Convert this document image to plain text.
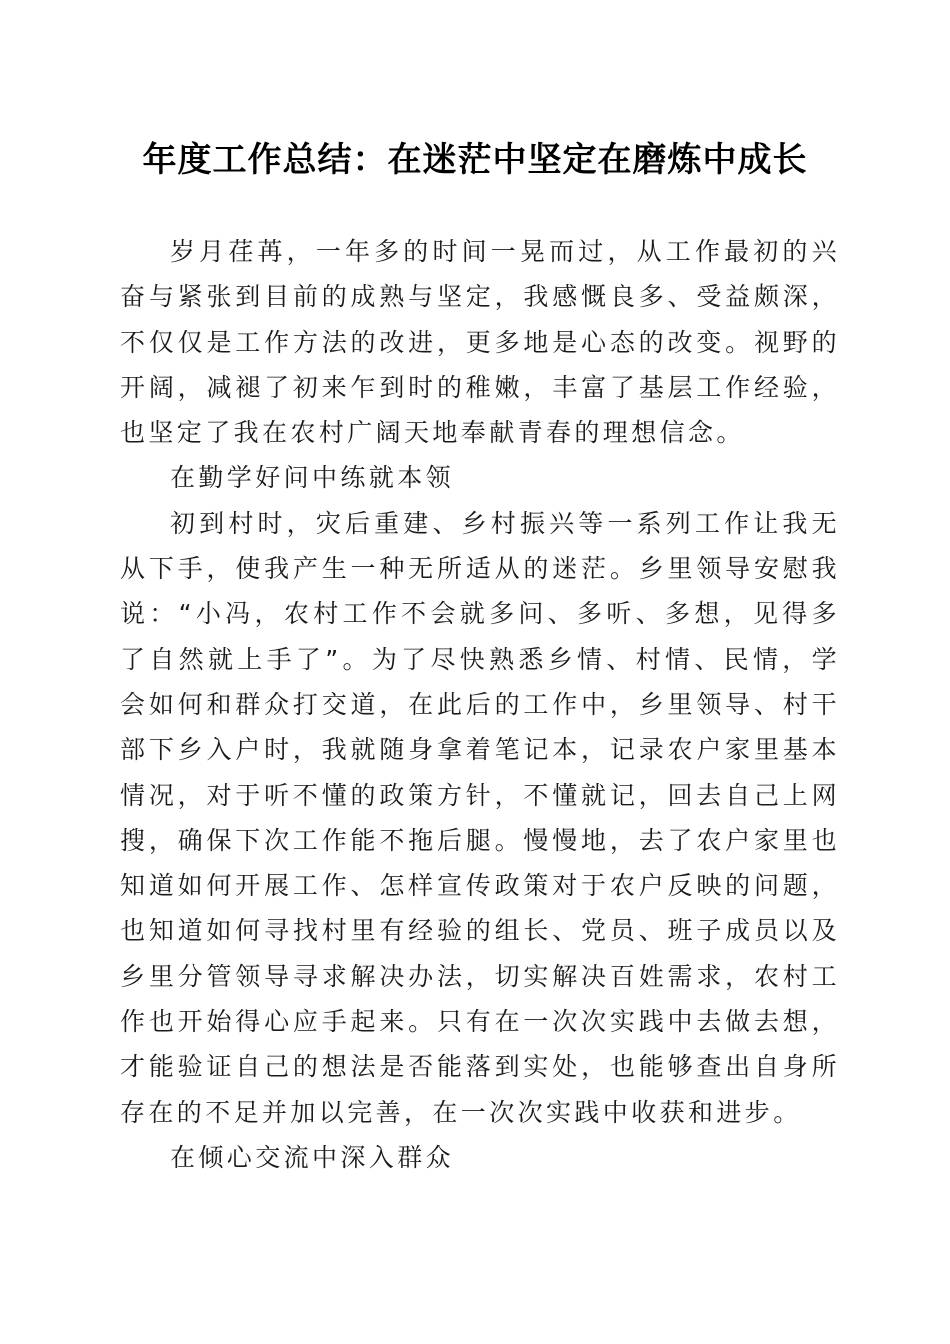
年度工作总结：在迷茫中坚定在磨炼中成长

岁月荏苒，一年多的时间一晃而过，从工作最初的兴奋与紧张到目前的成熟与坚定，我感慨良多、受益颇深，不仅仅是工作方法的改进，更多地是心态的改变。视野的开阔，减褪了初来乍到时的稚嫩，丰富了基层工作经验，也坚定了我在农村广阔天地奉献青春的理想信念。

在勤学好问中练就本领

初到村时，灾后重建、乡村振兴等一系列工作让我无从下手，使我产生一种无所适从的迷茫。乡里领导安慰我说：“小冯，农村工作不会就多问、多听、多想，见得多了自然就上手了”。为了尽快熟悉乡情、村情、民情，学会如何和群众打交道，在此后的工作中，乡里领导、村干部下乡入户时，我就随身拿着笔记本，记录农户家里基本情况，对于听不懂的政策方针，不懂就记，回去自己上网搜，确保下次工作能不拖后腿。慢慢地，去了农户家里也知道如何开展工作、怎样宣传政策对于农户反映的问题，也知道如何寻找村里有经验的组长、党员、班子成员以及乡里分管领导寻求解决办法，切实解决百姓需求，农村工作也开始得心应手起来。只有在一次次实践中去做去想，才能验证自己的想法是否能落到实处，也能够查出自身所存在的不足并加以完善，在一次次实践中收获和进步。

在倾心交流中深入群众
